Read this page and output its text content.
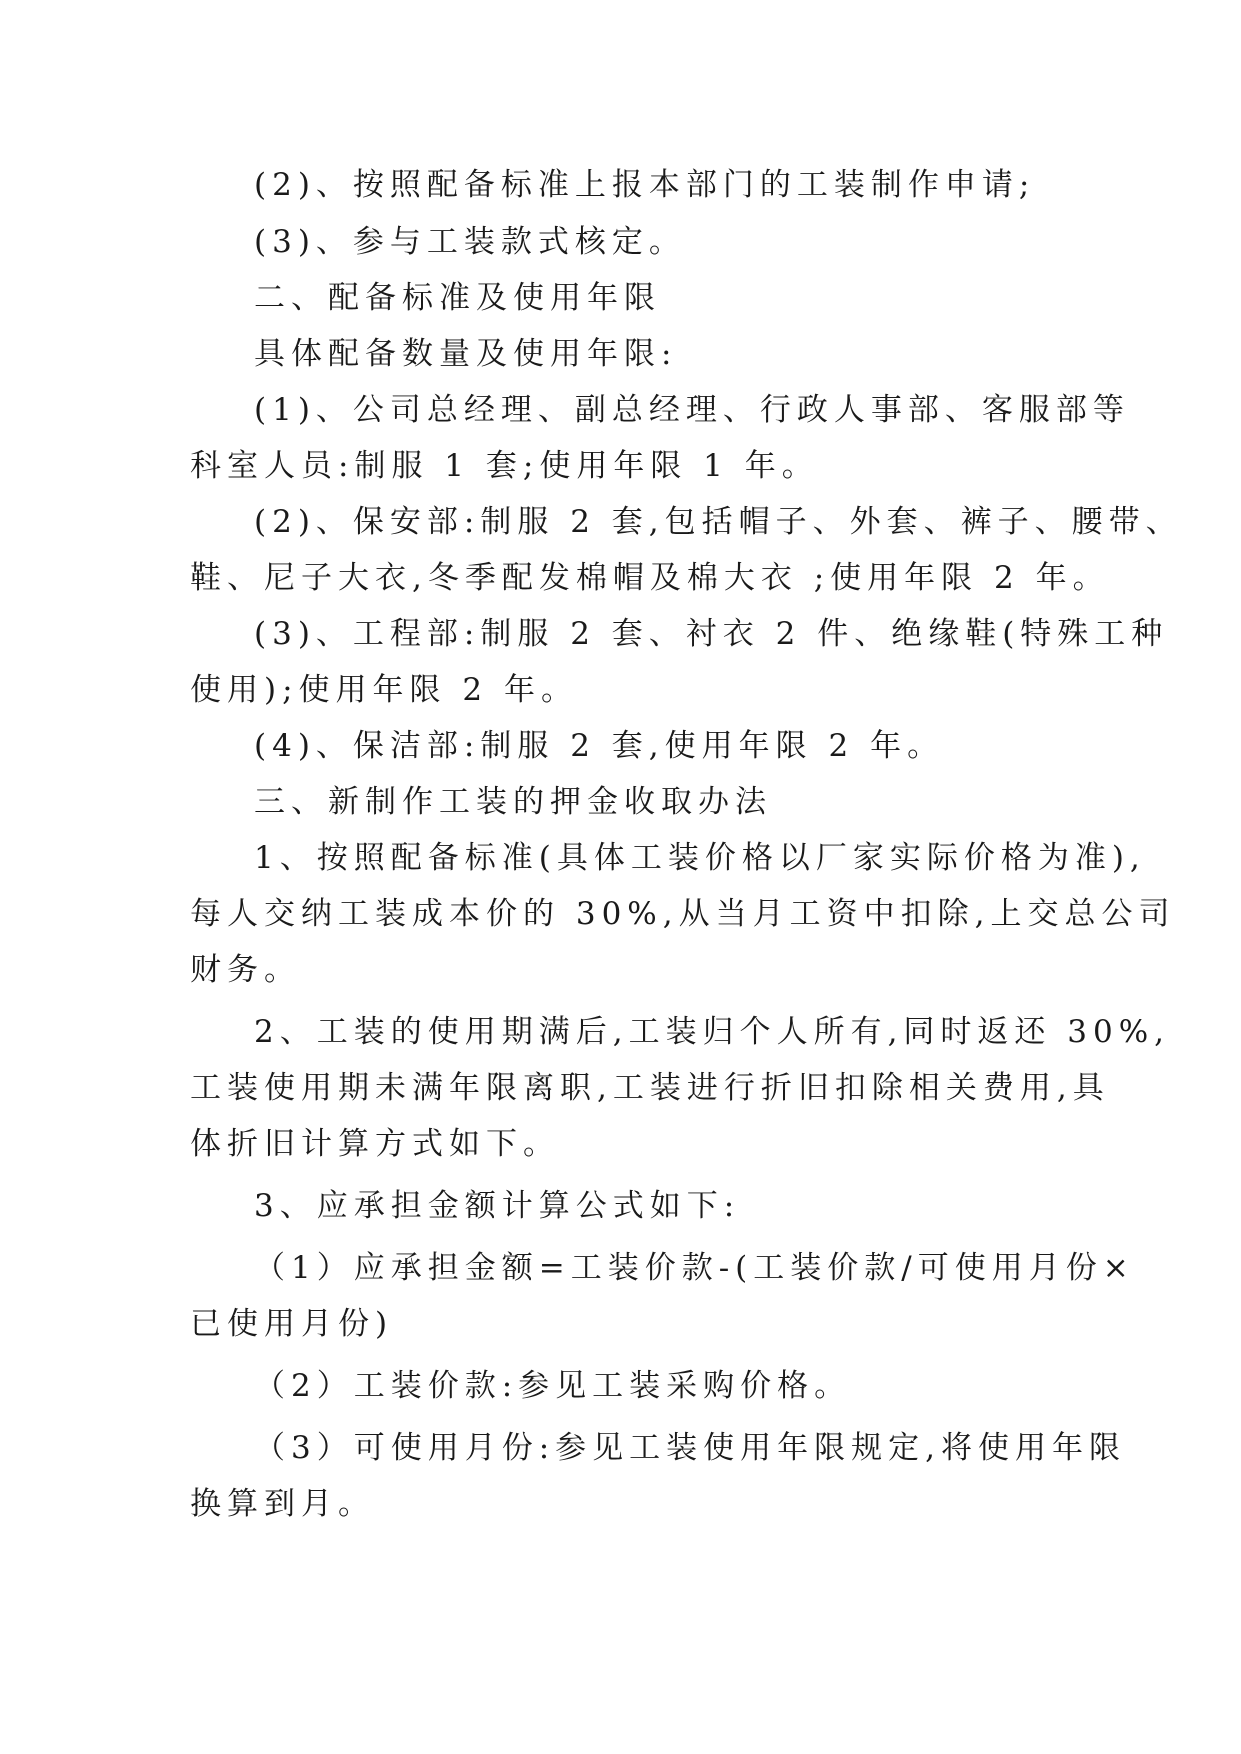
(2)、按照配备标准上报本部门的工装制作申请;
(3)、参与工装款式核定。
二、配备标准及使用年限
具体配备数量及使用年限:
(1)、公司总经理、副总经理、行政人事部、客服部等
科室人员:制服 1 套;使用年限 1 年。
(2)、保安部:制服 2 套,包括帽子、外套、裤子、腰带、
鞋、尼子大衣,冬季配发棉帽及棉大衣 ;使用年限 2 年。
(3)、工程部:制服 2 套、衬衣 2 件、绝缘鞋(特殊工种
使用);使用年限 2 年。
(4)、保洁部:制服 2 套,使用年限 2 年。
三、新制作工装的押金收取办法
1、按照配备标准(具体工装价格以厂家实际价格为准),
每人交纳工装成本价的 30%,从当月工资中扣除,上交总公司
财务。
2、工装的使用期满后,工装归个人所有,同时返还 30%,
工装使用期未满年限离职,工装进行折旧扣除相关费用,具
体折旧计算方式如下。
3、应承担金额计算公式如下:
（1）应承担金额=工装价款-(工装价款/可使用月份×
已使用月份)
（2）工装价款:参见工装采购价格。
（3）可使用月份:参见工装使用年限规定,将使用年限
换算到月。
